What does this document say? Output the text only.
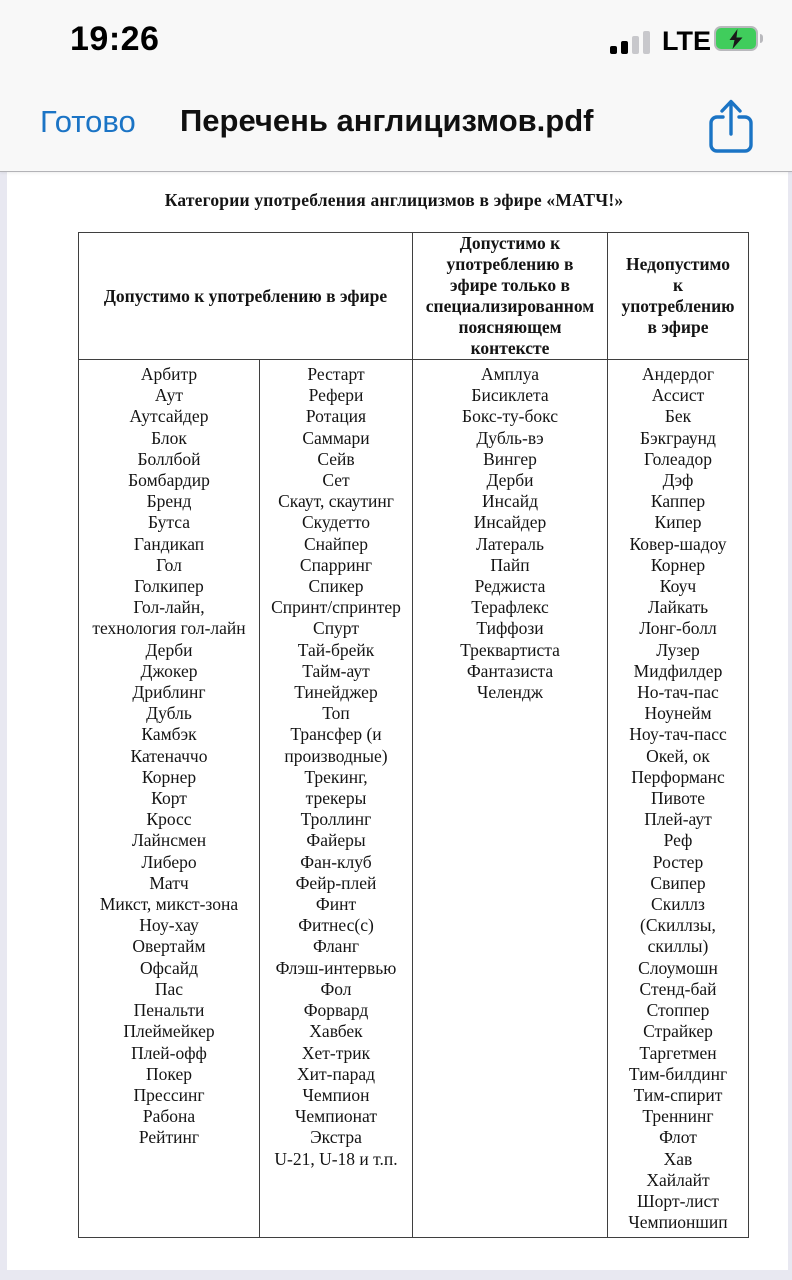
19:26	LTE
Готово Перечень англицизмов.pdf
Категории употребления англицизмов в эфире «МАТЧ!»
Допустимо к употреблению в эфире

Допустимо к
употреблению в
эфире только в
специализированном
поясняющем
контексте

Недопустимо
к
употреблению
в эфире

Арбитр
Аут
Аутсайдер
Блок
Боллбой
Бомбардир
Бренд
Бутса
Гандикап
Гол
Голкипер
Гол-лайн,
технология гол-лайн
Дерби
Джокер
Дриблинг
Дубль
Камбэк
Катеначчо
Корнер
Корт
Кросс
Лайнсмен
Либеро
Матч
Микст, микст-зона
Ноу-хау
Овертайм
Офсайд
Пас
Пенальти
Плеймейкер
Плей-офф
Покер
Прессинг
Рабона
Рейтинг

Рестарт
Рефери
Ротация
Саммари
Сейв
Сет
Скаут, скаутинг
Скудетто
Снайпер
Спарринг
Спикер
Спринт/спринтер
Спурт
Тай-брейк
Тайм-аут
Тинейджер
Топ
Трансфер (и
производные)
Трекинг,
трекеры
Троллинг
Файеры
Фан-клуб
Фейр-плей
Финт
Фитнес(с)
Фланг
Флэш-интервью
Фол
Форвард
Хавбек
Хет-трик
Хит-парад
Чемпион
Чемпионат
Экстра
U-21, U-18 и т.п.

Амплуа
Бисиклета
Бокс-ту-бокс
Дубль-вэ
Вингер
Дерби
Инсайд
Инсайдер
Латераль
Пайп
Реджиста
Терафлекс
Тиффози
Треквартиста
Фантазиста
Челендж

Андердог
Ассист
Бек
Бэкграунд
Голеадор
Дэф
Каппер
Кипер
Ковер-шадоу
Корнер
Коуч
Лайкать
Лонг-болл
Лузер
Мидфилдер
Но-тач-пас
Ноунейм
Ноу-тач-пасс
Окей, ок
Перформанс
Пивоте
Плей-аут
Реф
Ростер
Свипер
Скиллз
(Скиллзы,
скиллы)
Слоумошн
Стенд-бай
Стоппер
Страйкер
Таргетмен
Тим-билдинг
Тим-спирит
Треннинг
Флот
Хав
Хайлайт
Шорт-лист
Чемпионшип
